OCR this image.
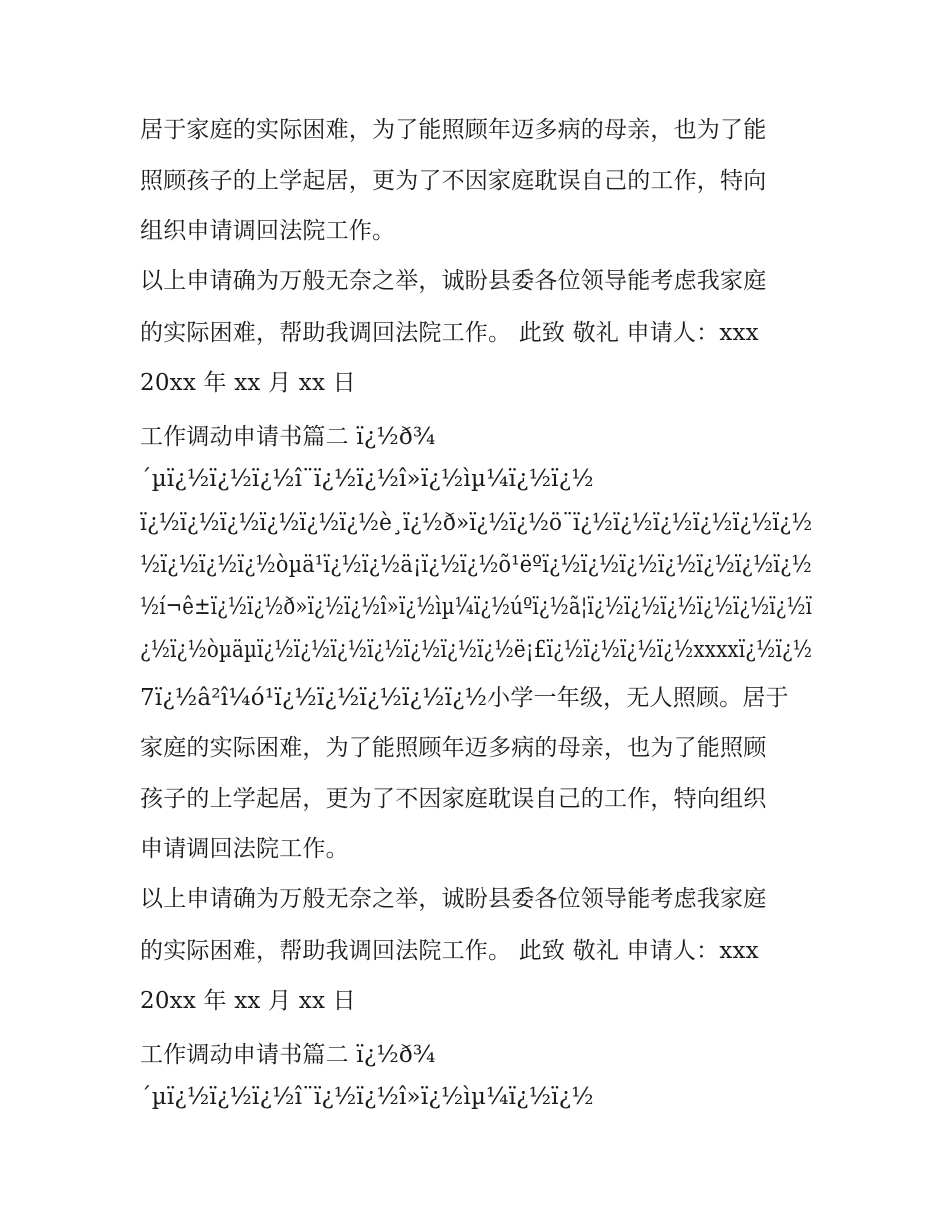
居于家庭的实际困难，为了能照顾年迈多病的母亲，也为了能
照顾孩子的上学起居，更为了不因家庭耽误自己的工作，特向
组织申请调回法院工作。
以上申请确为万般无奈之举，诚盼县委各位领导能考虑我家庭
的实际困难，帮助我调回法院工作。 此致 敬礼 申请人：xxx
20xx 年 xx 月 xx 日
工作调动申请书篇二 ï¿½ð¾
´µï¿½ï¿½ï¿½î¨ï¿½ï¿½î»ï¿½ìµ¼ï¿½ï¿½
ï¿½ï¿½ï¿½ï¿½ï¿½ï¿½è¸ï¿½ð»ï¿½ï¿½ö¨ï¿½ï¿½ï¿½ï¿½ï¿½ï¿½
½ï¿½ï¿½ï¿½òµä¹ï¿½ï¿½ä¡ï¿½ï¿½õ¹ëºï¿½ï¿½ï¿½ï¿½ï¿½ï¿½ï¿½
½í¬ê±ï¿½ï¿½ð»ï¿½ï¿½î»ï¿½ìµ¼ï¿½úºï¿½ã¦ï¿½ï¿½ï¿½ï¿½ï¿½ï¿½ï
¿½ï¿½òµäµï¿½ï¿½ï¿½ï¿½ï¿½ï¿½ï¿½ë¡£ï¿½ï¿½ï¿½ï¿½xxxxï¿½ï¿½
7ï¿½â²î¼ó¹ï¿½ï¿½ï¿½ï¿½ï¿½小学一年级，无人照顾。居于
家庭的实际困难，为了能照顾年迈多病的母亲，也为了能照顾
孩子的上学起居，更为了不因家庭耽误自己的工作，特向组织
申请调回法院工作。
以上申请确为万般无奈之举，诚盼县委各位领导能考虑我家庭
的实际困难，帮助我调回法院工作。 此致 敬礼 申请人：xxx
20xx 年 xx 月 xx 日
工作调动申请书篇二 ï¿½ð¾
´µï¿½ï¿½ï¿½î¨ï¿½ï¿½î»ï¿½ìµ¼ï¿½ï¿½
